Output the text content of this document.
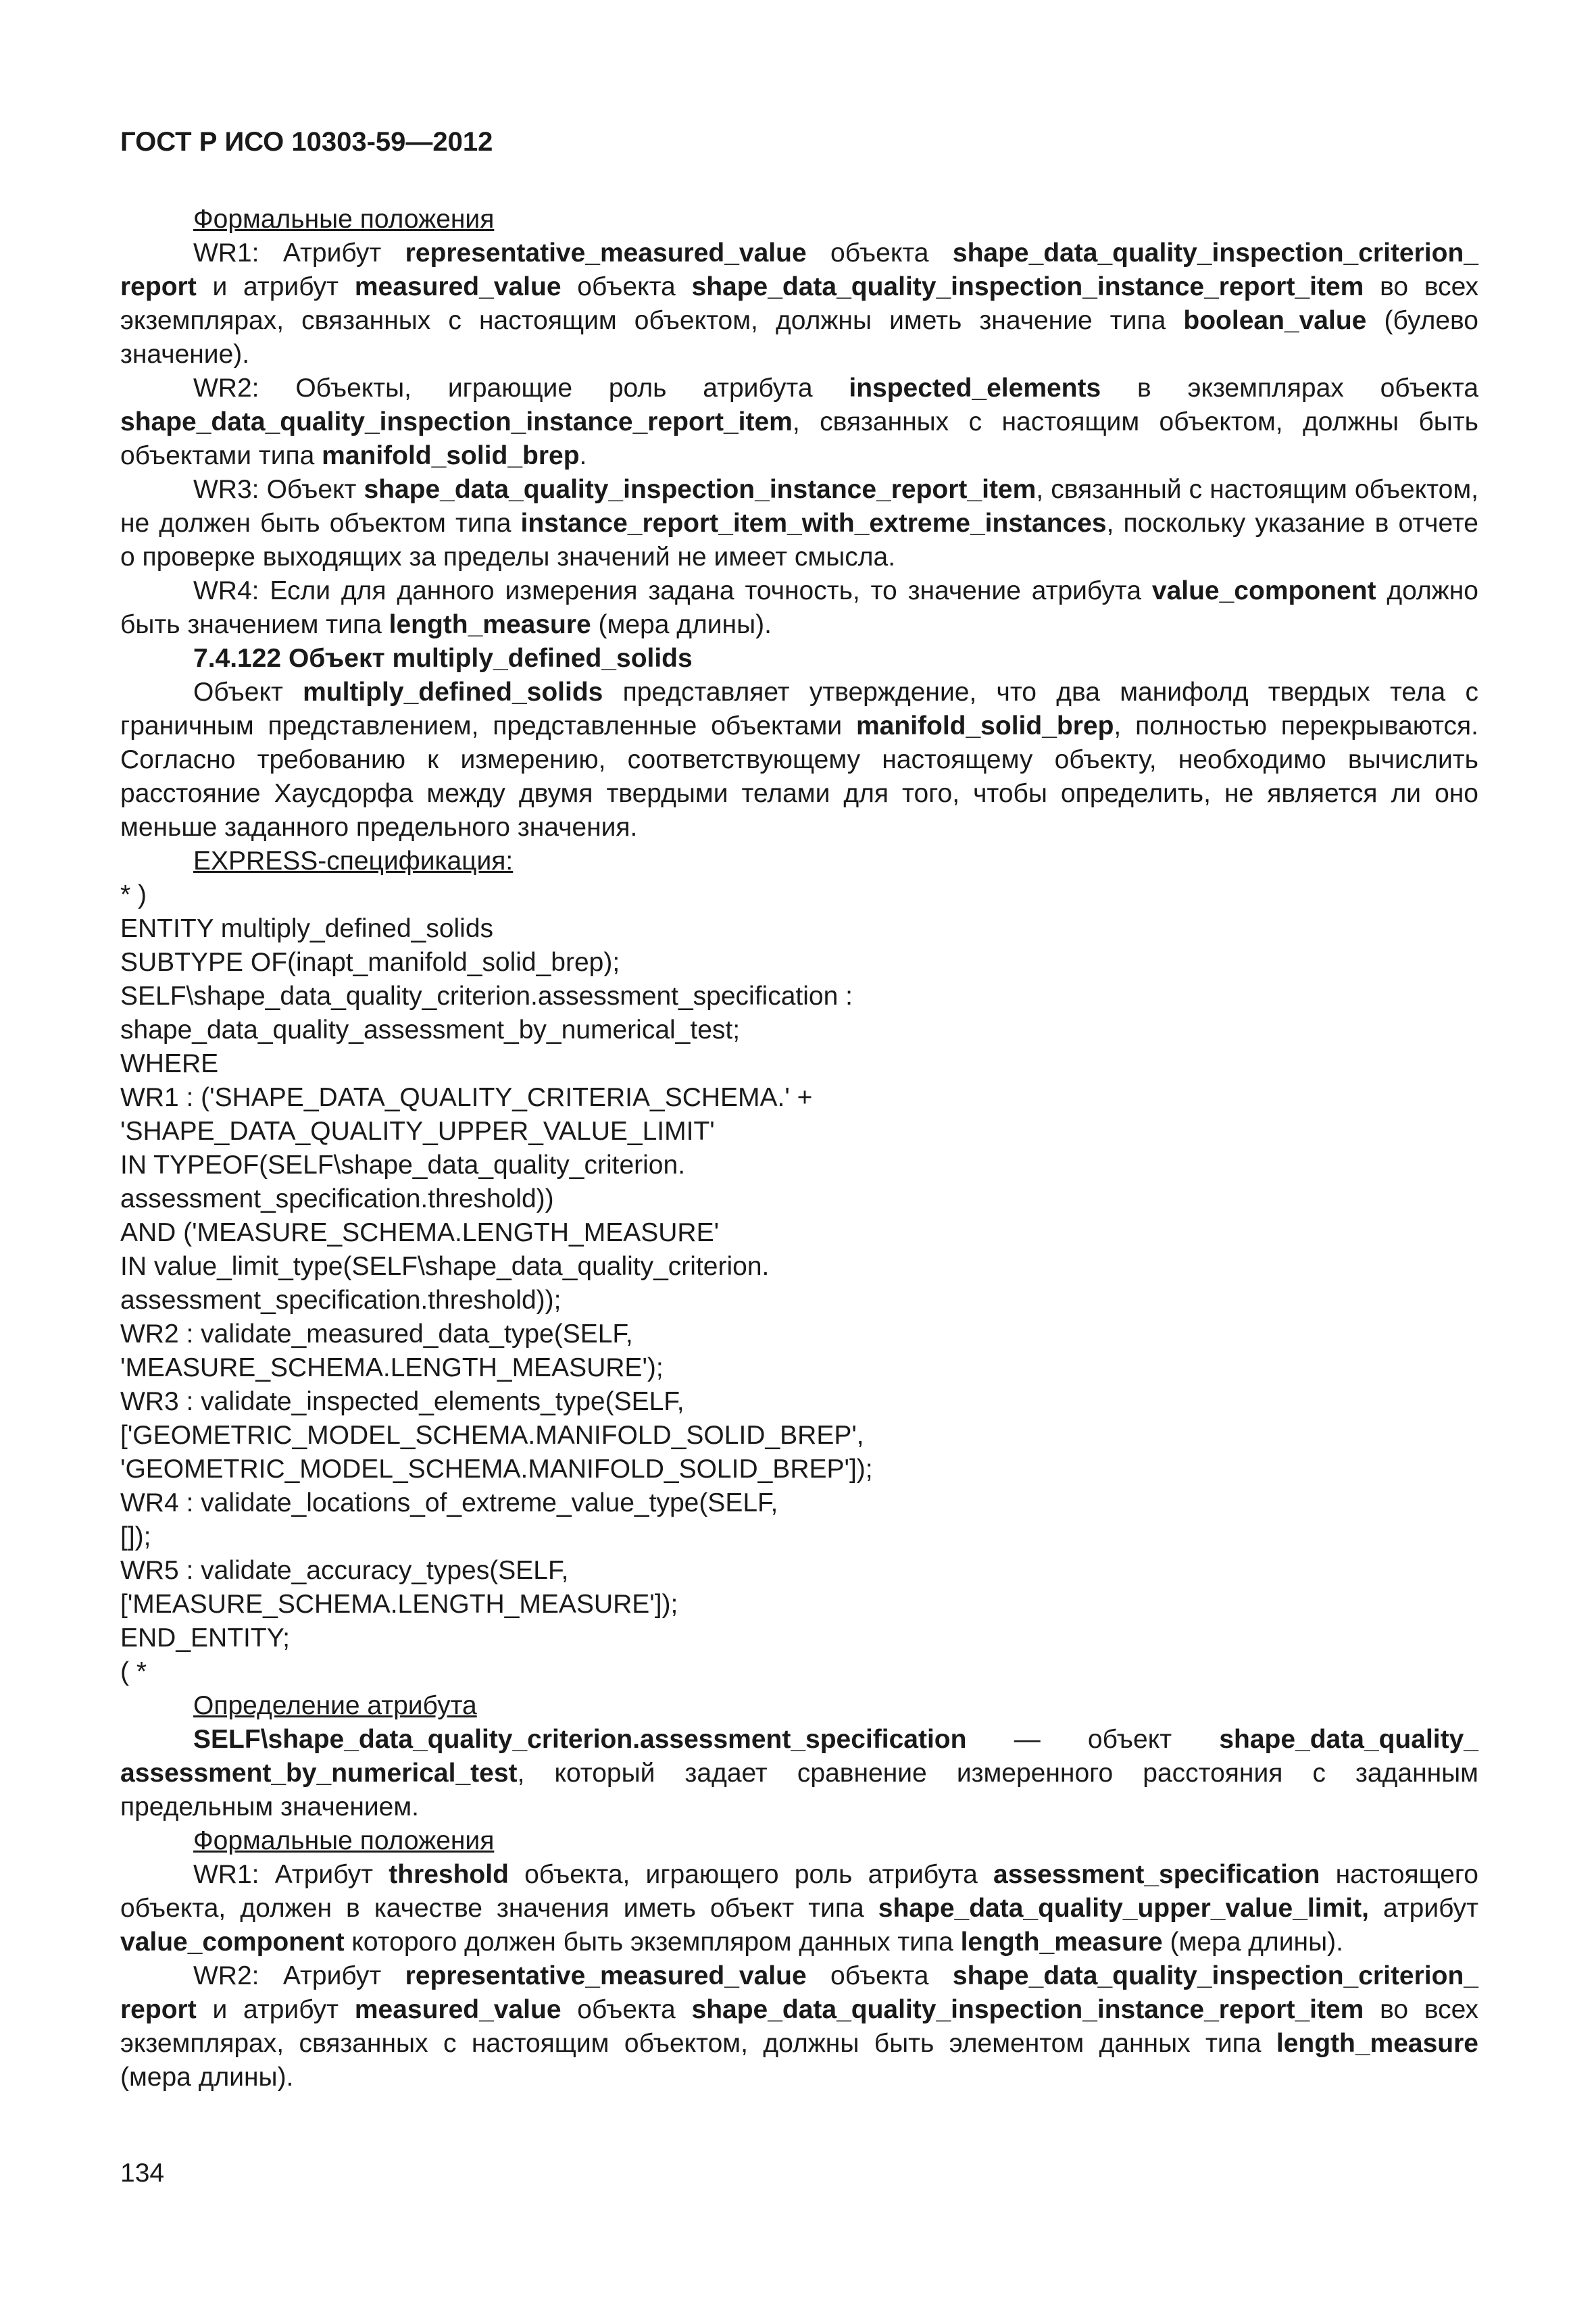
ГОСТ Р ИСО 10303-59—2012

Формальные положения

WR1: Атрибут representative_measured_value объекта shape_data_quality_inspection_criterion_ report и атрибут measured_value объекта shape_data_quality_inspection_instance_report_item во всех экземплярах, связанных с настоящим объектом, должны иметь значение типа boolean_value (булево значение).

WR2: Объекты, играющие роль атрибута inspected_elements в экземплярах объекта shape_data_quality_inspection_instance_report_item, связанных с настоящим объектом, должны быть объектами типа manifold_solid_brep.

WR3: Объект shape_data_quality_inspection_instance_report_item, связанный с настоящим объектом, не должен быть объектом типа instance_report_item_with_extreme_instances, поскольку указание в отчете о проверке выходящих за пределы значений не имеет смысла.

WR4: Если для данного измерения задана точность, то значение атрибута value_component должно быть значением типа length_measure (мера длины).

7.4.122 Объект multiply_defined_solids

Объект multiply_defined_solids представляет утверждение, что два манифолд твердых тела с граничным представлением, представленные объектами manifold_solid_brep, полностью перекрываются. Согласно требованию к измерению, соответствующему настоящему объекту, необходимо вычислить расстояние Хаусдорфа между двумя твердыми телами для того, чтобы определить, не является ли оно меньше заданного предельного значения.

EXPRESS-спецификация:

* )
ENTITY multiply_defined_solids
SUBTYPE OF(inapt_manifold_solid_brep);
SELF\shape_data_quality_criterion.assessment_specification :
shape_data_quality_assessment_by_numerical_test;
WHERE
WR1 : ('SHAPE_DATA_QUALITY_CRITERIA_SCHEMA.' +
'SHAPE_DATA_QUALITY_UPPER_VALUE_LIMIT'
IN TYPEOF(SELF\shape_data_quality_criterion.
assessment_specification.threshold))
AND ('MEASURE_SCHEMA.LENGTH_MEASURE'
IN value_limit_type(SELF\shape_data_quality_criterion.
assessment_specification.threshold));
WR2 : validate_measured_data_type(SELF,
'MEASURE_SCHEMA.LENGTH_MEASURE');
WR3 : validate_inspected_elements_type(SELF,
['GEOMETRIC_MODEL_SCHEMA.MANIFOLD_SOLID_BREP',
'GEOMETRIC_MODEL_SCHEMA.MANIFOLD_SOLID_BREP']);
WR4 : validate_locations_of_extreme_value_type(SELF,
[]);
WR5 : validate_accuracy_types(SELF,
['MEASURE_SCHEMA.LENGTH_MEASURE']);
END_ENTITY;
( *

Определение атрибута

SELF\shape_data_quality_criterion.assessment_specification — объект shape_data_quality_ assessment_by_numerical_test, который задает сравнение измеренного расстояния с заданным предельным значением.

Формальные положения

WR1: Атрибут threshold объекта, играющего роль атрибута assessment_specification настоящего объекта, должен в качестве значения иметь объект типа shape_data_quality_upper_value_limit, атрибут value_component которого должен быть экземпляром данных типа length_measure (мера длины).

WR2: Атрибут representative_measured_value объекта shape_data_quality_inspection_criterion_ report и атрибут measured_value объекта shape_data_quality_inspection_instance_report_item во всех экземплярах, связанных с настоящим объектом, должны быть элементом данных типа length_measure (мера длины).

134
